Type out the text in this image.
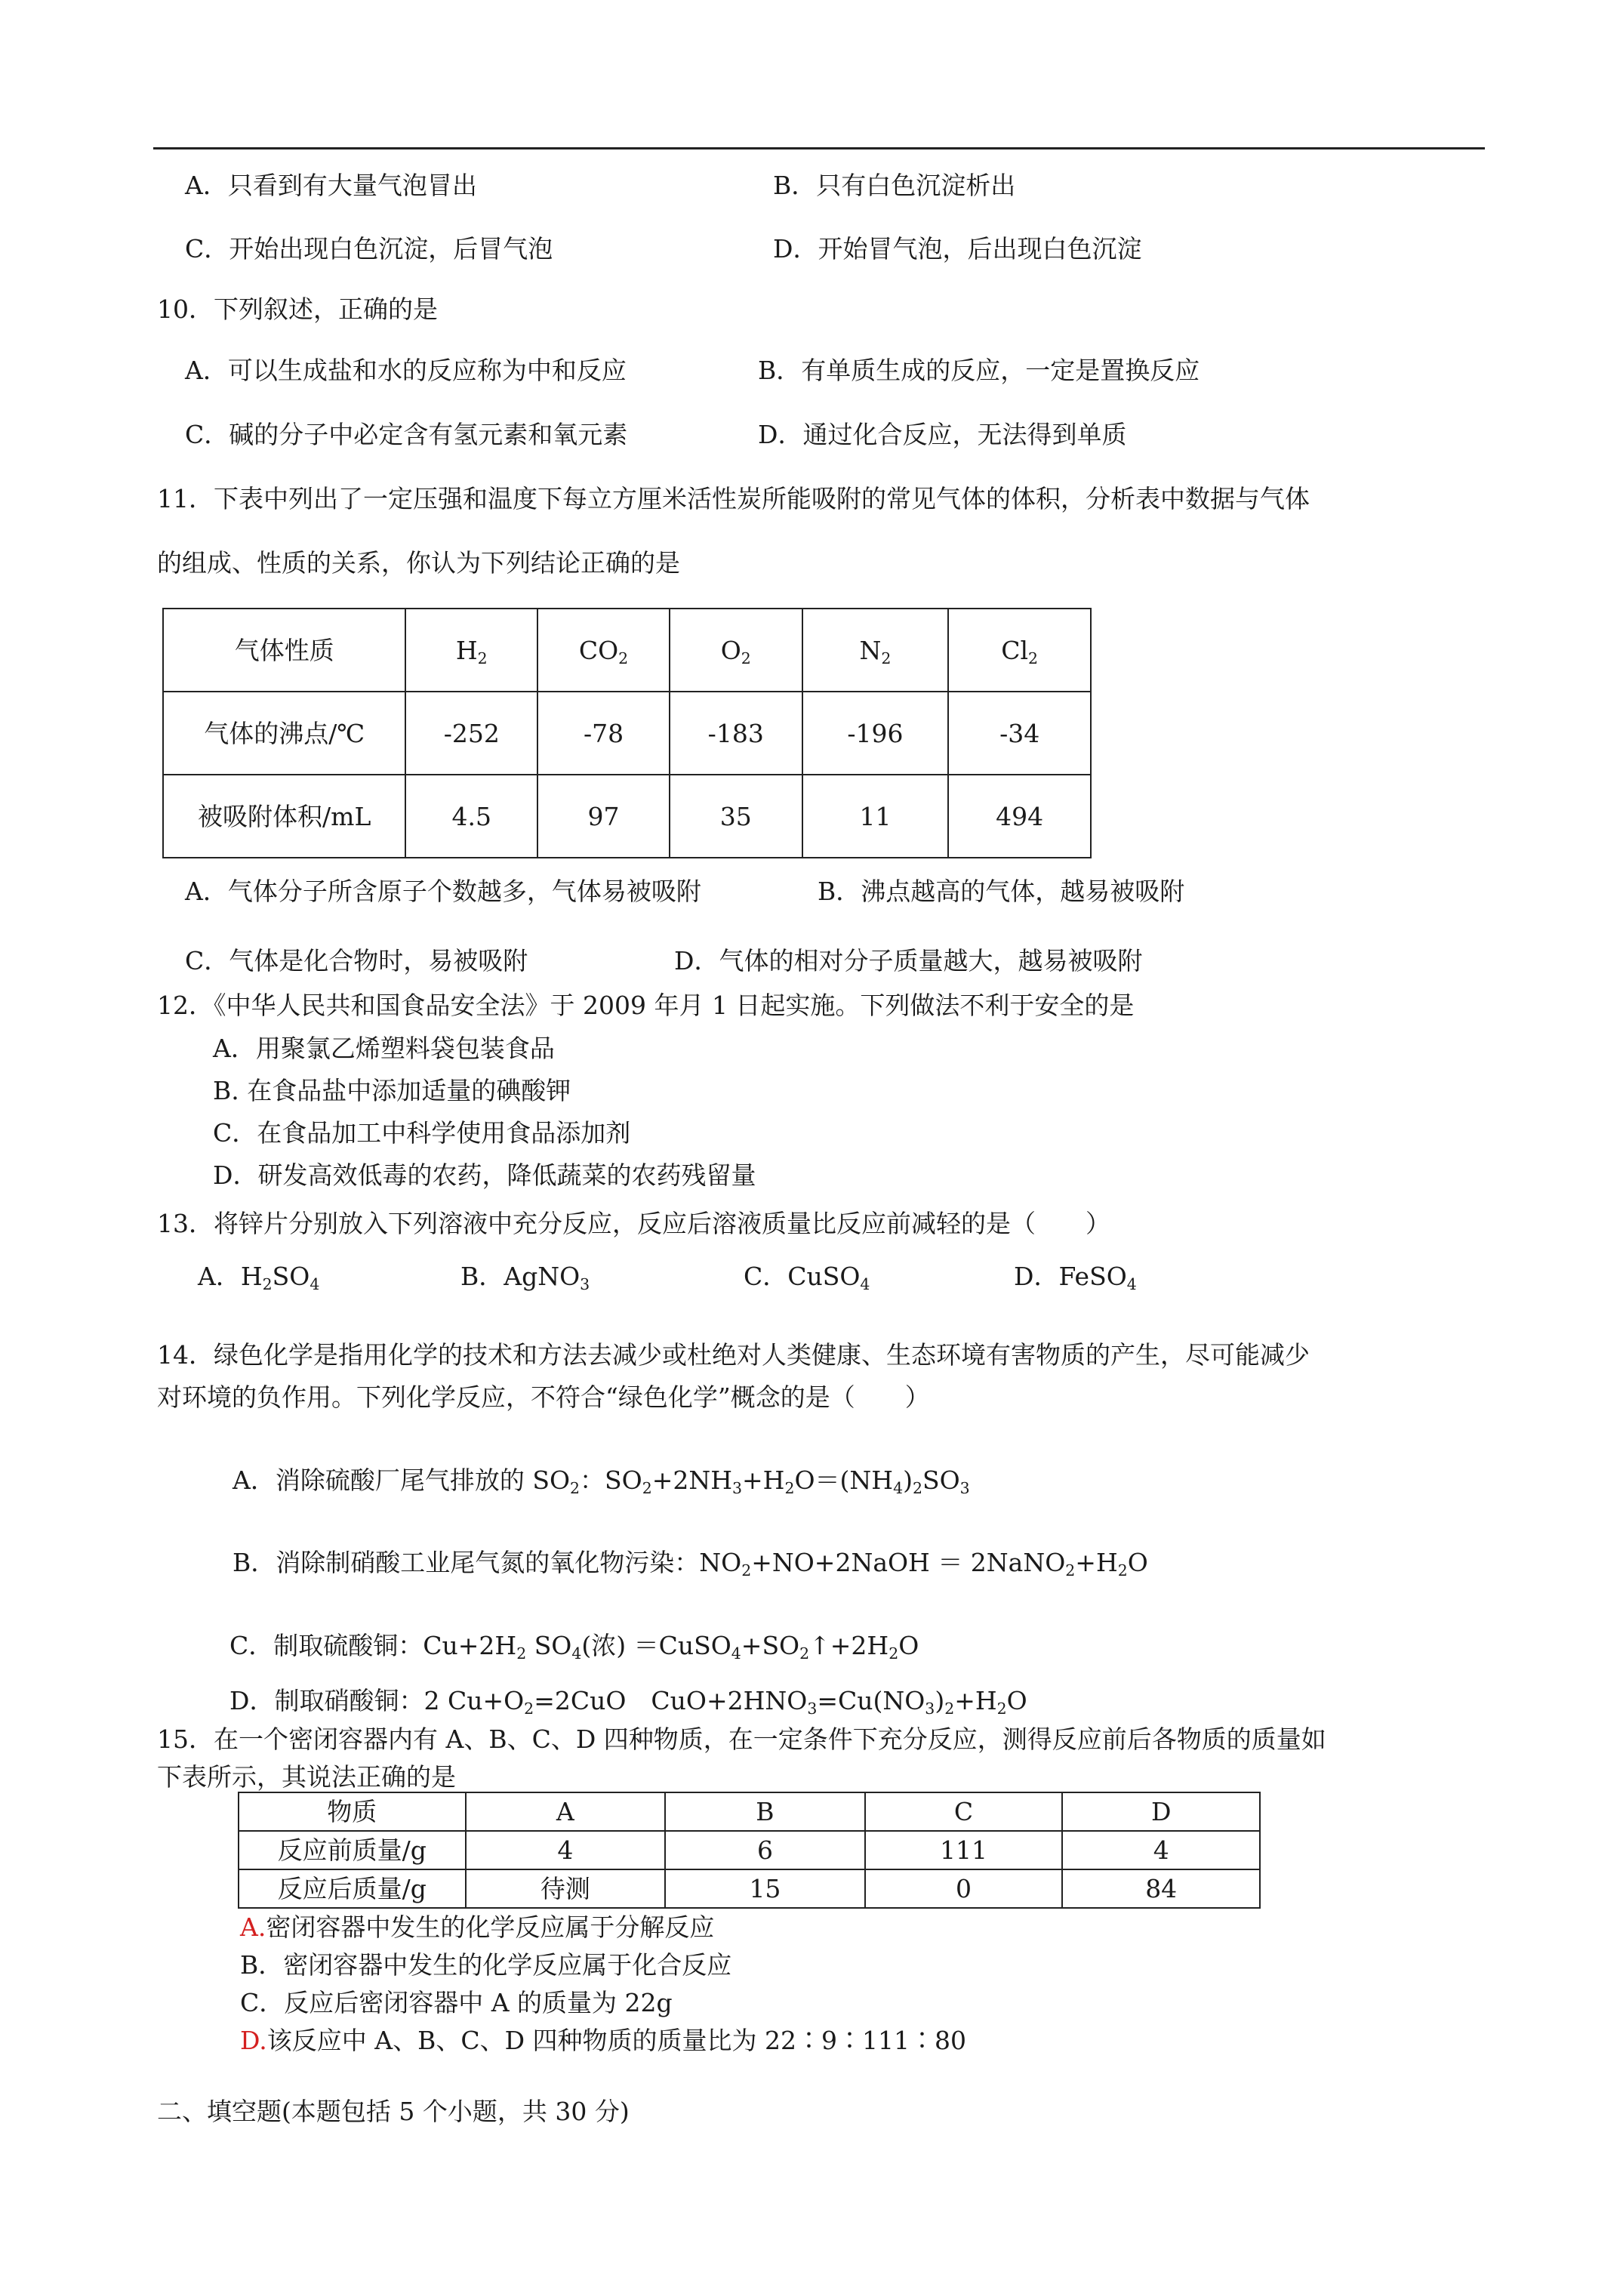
A．只看到有大量气泡冒出	B．只有白色沉淀析出
C．开始出现白色沉淀，后冒气泡	D．开始冒气泡，后出现白色沉淀
10．下列叙述，正确的是
A．可以生成盐和水的反应称为中和反应	B．有单质生成的反应，一定是置换反应
C．碱的分子中必定含有氢元素和氧元素	D．通过化合反应，无法得到单质
11．下表中列出了一定压强和温度下每立方厘米活性炭所能吸附的常见气体的体积，分析表中数据与气体
的组成、性质的关系，你认为下列结论正确的是
气体性质	$H_2$	$CO_2$	$O_2$	$N_2$	$Cl_2$
气体的沸点/℃	-252	-78	-183	-196	-34
被吸附体积/mL	4.5	97	35	11	494
A．气体分子所含原子个数越多，气体易被吸附	B．沸点越高的气体，越易被吸附
C．气体是化合物时，易被吸附	D．气体的相对分子质量越大，越易被吸附
12．《中华人民共和国食品安全法》于 2009 年月 1 日起实施。下列做法不利于安全的是
A．用聚氯乙烯塑料袋包装食品
B. 在食品盐中添加适量的碘酸钾
C．在食品加工中科学使用食品添加剂
D．研发高效低毒的农药，降低蔬菜的农药残留量
13．将锌片分别放入下列溶液中充分反应，反应后溶液质量比反应前减轻的是（　　）
A．$H_2SO_4$	B．AgNO$_3$	C．CuSO$_4$	D．FeSO$_4$
14．绿色化学是指用化学的技术和方法去减少或杜绝对人类健康、生态环境有害物质的产生，尽可能减少
对环境的负作用。下列化学反应，不符合“绿色化学”概念的是（　　）
A．消除硫酸厂尾气排放的 $SO_2$：$SO_2+2NH_3+H_2O=(NH_4)_2SO_3$
B．消除制硝酸工业尾气氮的氧化物污染：$NO_2+NO+2NaOH$ ＝ $2NaNO_2+H_2O$
C．制取硫酸铜：$Cu+2H_2$ $SO_4$(浓) $=CuSO_4+SO_2↑+2H_2O$
D．制取硝酸铜：2 $Cu+O_2=2CuO$　$CuO+2HNO_3=Cu(NO_3)_2+H_2O$
15．在一个密闭容器内有 A、B、C、D 四种物质，在一定条件下充分反应，测得反应前后各物质的质量如
下表所示，其说法正确的是
物质	A	B	C	D
反应前质量/g	4	6	111	4
反应后质量/g	待测	15	0	84
A.密闭容器中发生的化学反应属于分解反应
B．密闭容器中发生的化学反应属于化合反应
C．反应后密闭容器中 A 的质量为 22g
D.该反应中 A、B、C、D 四种物质的质量比为 22∶9∶111∶80
二、填空题(本题包括 5 个小题，共 30 分)
